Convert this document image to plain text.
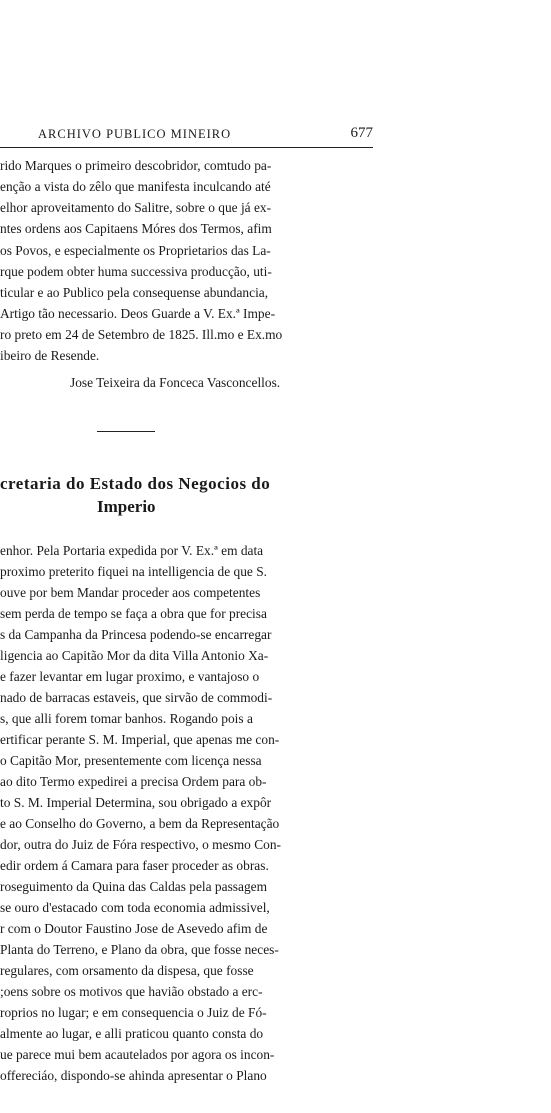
ARCHIVO PUBLICO MINEIRO	677
rido Marques o primeiro descobridor, comtudo pa-
enção a vista do zêlo que manifesta inculcando até
elhor aproveitamento do Salitre, sobre o que já ex-
ntes ordens aos Capitaens Móres dos Termos, afim
os Povos, e especialmente os Proprietarios das La-
rque podem obter huma successiva producção, uti-
ticular e ao Publico pela consequense abundancia,
Artigo tão necessario. Deos Guarde a V. Ex.ª Impe-
ro preto em 24 de Setembro de 1825. Ill.mo e Ex.mo
ibeiro de Resende.
Jose Teixeira da Fonceca Vasconcellos.
cretaria do Estado dos Negocios do
Imperio
enhor. Pela Portaria expedida por V. Ex.ª em data
proximo preterito fiquei na intelligencia de que S.
ouve por bem Mandar proceder aos competentes
sem perda de tempo se faça a obra que for precisa
s da Campanha da Princesa podendo-se encarregar
ligencia ao Capitão Mor da dita Villa Antonio Xa-
e fazer levantar em lugar proximo, e vantajoso o
nado de barracas estaveis, que sirvão de commodi-
s, que alli forem tomar banhos. Rogando pois a
ertificar perante S. M. Imperial, que apenas me con-
o Capitão Mor, presentemente com licença nessa
ao dito Termo expedirei a precisa Ordem para ob-
to S. M. Imperial Determina, sou obrigado a expôr
e ao Conselho do Governo, a bem da Representação
dor, outra do Juiz de Fóra respectivo, o mesmo Con-
edir ordem á Camara para faser proceder as obras.
roseguimento da Quina das Caldas pela passagem
se ouro d'estacado com toda economia admissivel,
r com o Doutor Faustino Jose de Asevedo afim de
Planta do Terreno, e Plano da obra, que fosse neces-
regulares, com orsamento da dispesa, que fosse
;oens sobre os motivos que havião obstado a erc-
roprios no lugar; e em consequencia o Juiz de Fó-
almente ao lugar, e alli praticou quanto consta do
ue parece mui bem acautelados por agora os incon-
offereciáo, dispondo-se ahinda apresentar o Plano
